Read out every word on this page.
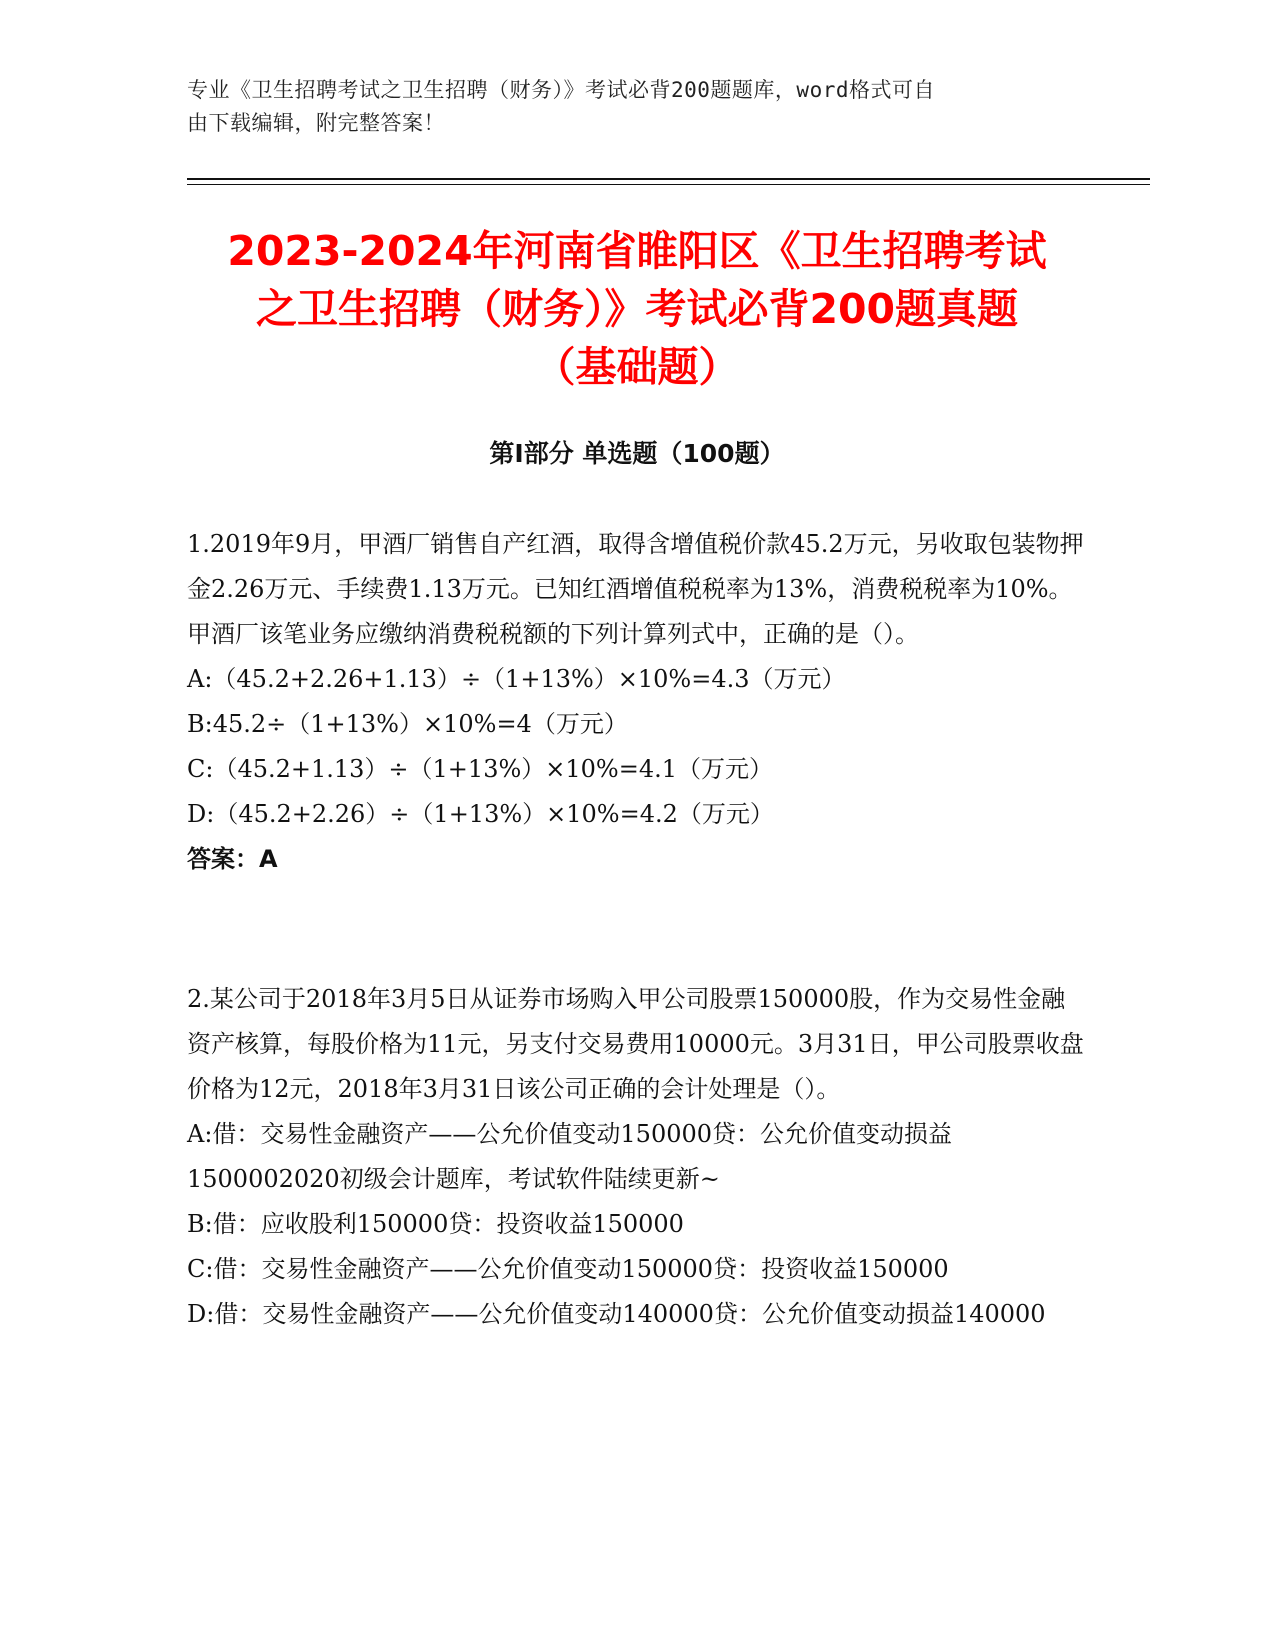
专业《卫生招聘考试之卫生招聘（财务）》考试必背200题题库，word格式可自
由下载编辑，附完整答案！
2023-2024年河南省睢阳区《卫生招聘考试
之卫生招聘（财务）》考试必背200题真题
（基础题）
第I部分 单选题（100题）

1.2019年9月，甲酒厂销售自产红酒，取得含增值税价款45.2万元，另收取包装物押金2.26万元、手续费1.13万元。已知红酒增值税税率为13%，消费税税率为10%。甲酒厂该笔业务应缴纳消费税税额的下列计算列式中，正确的是（）。

A:（45.2+2.26+1.13）÷（1+13%）×10%=4.3（万元）

B:45.2÷（1+13%）×10%=4（万元）

C:（45.2+1.13）÷（1+13%）×10%=4.1（万元）

D:（45.2+2.26）÷（1+13%）×10%=4.2（万元）

答案：A

2.某公司于2018年3月5日从证券市场购入甲公司股票150000股，作为交易性金融资产核算，每股价格为11元，另支付交易费用10000元。3月31日，甲公司股票收盘价格为12元，2018年3月31日该公司正确的会计处理是（）。

A:借：交易性金融资产——公允价值变动150000贷：公允价值变动损益1500002020初级会计题库，考试软件陆续更新~

B:借：应收股利150000贷：投资收益150000

C:借：交易性金融资产——公允价值变动150000贷：投资收益150000

D:借：交易性金融资产——公允价值变动140000贷：公允价值变动损益140000
